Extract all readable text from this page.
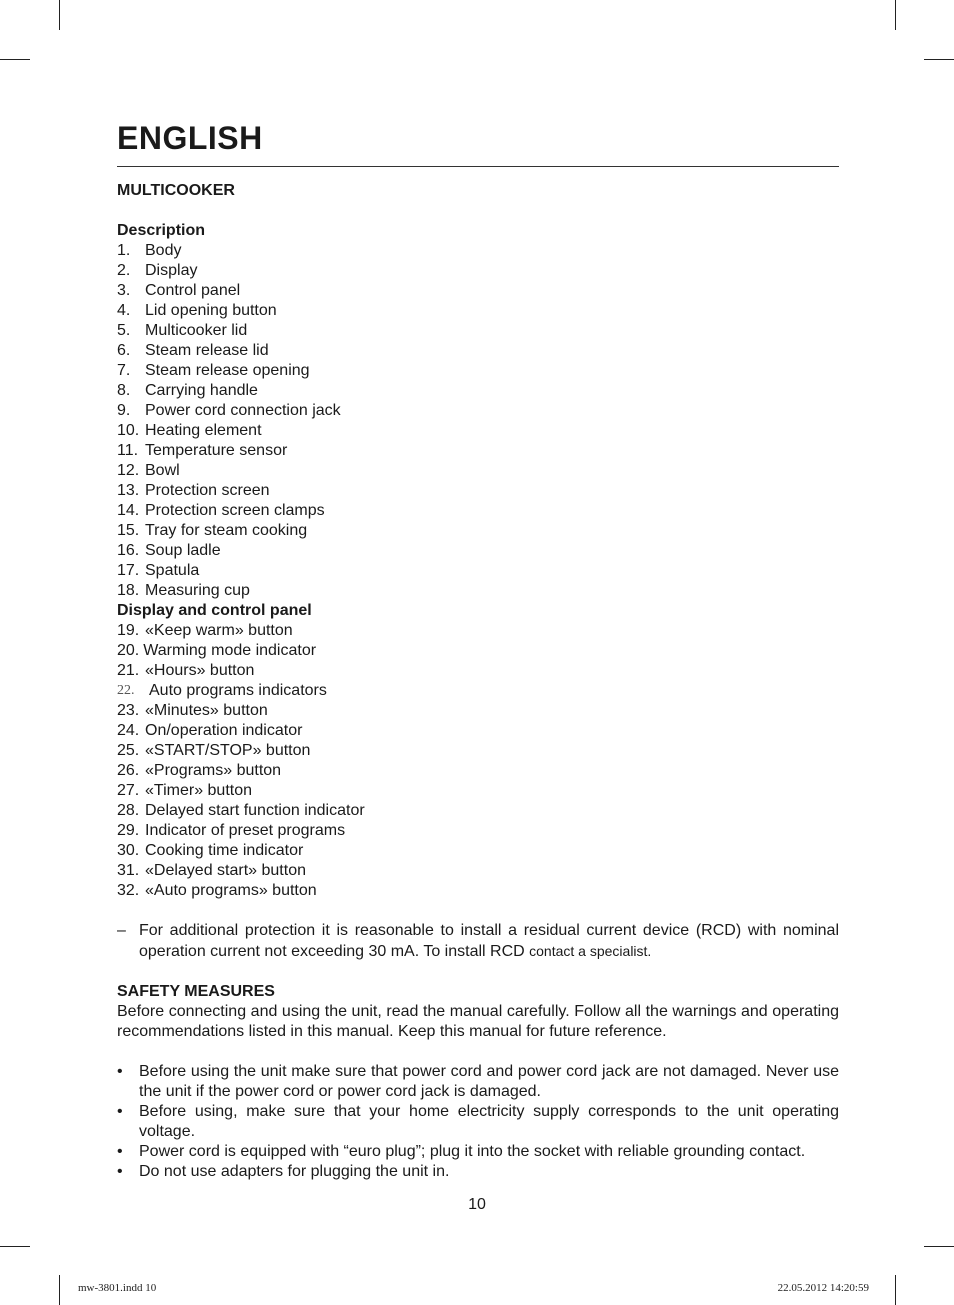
ENGLISH
MULTICOOKER
Description
1. Body
2. Display
3. Control panel
4. Lid opening button
5. Multicooker lid
6. Steam release lid
7. Steam release opening
8. Carrying handle
9. Power cord connection jack
10. Heating element
11. Temperature sensor
12. Bowl
13. Protection screen
14. Protection screen clamps
15. Tray for steam cooking
16. Soup ladle
17. Spatula
18. Measuring cup
Display and control panel
19. «Keep warm» button
20. Warming mode indicator
21. «Hours» button
22. Auto programs indicators
23. «Minutes» button
24. On/operation indicator
25. «START/STOP» button
26. «Programs» button
27. «Timer» button
28. Delayed start function indicator
29. Indicator of preset programs
30. Cooking time indicator
31. «Delayed start» button
32. «Auto programs» button
– For additional protection it is reasonable to install a residual current device (RCD) with nominal operation current not exceeding 30 mA. To install RCD contact a specialist.
SAFETY MEASURES
Before connecting and using the unit, read the manual carefully. Follow all the warnings and operating recommendations listed in this manual. Keep this manual for future reference.
• Before using the unit make sure that power cord and power cord jack are not damaged. Never use the unit if the power cord or power cord jack is damaged.
• Before using, make sure that your home electricity supply corresponds to the unit operating voltage.
• Power cord is equipped with “euro plug”; plug it into the socket with reliable grounding contact.
• Do not use adapters for plugging the unit in.
10
mw-3801.indd 10	22.05.2012 14:20:59
